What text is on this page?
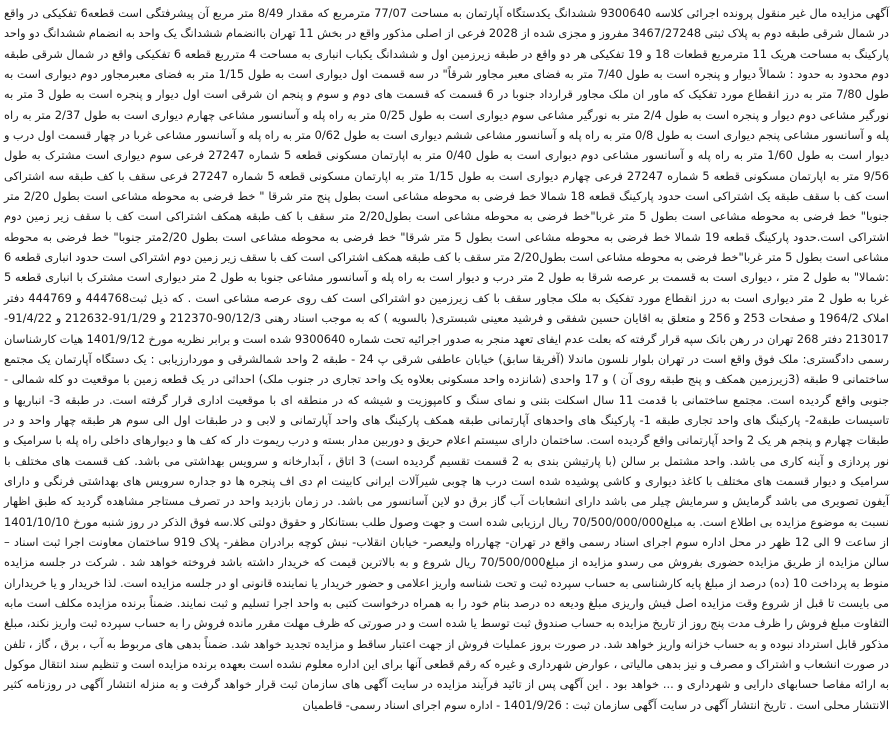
آگهی مزایده مال غیر منقول پرونده اجرائی کلاسه 9300640 ششدانگ یکدستگاه آپارتمان به مساحت 77/07 مترمربع که مقدار 8/49 متر مربع آن پیشرفتگی است قطعه6 تفکیکی در واقع در شمال شرقی طبقه دوم به پلاک ثبتی 3467/27248 مفروز و مجزی شده از 2028 فرعی از اصلی مذکور واقع در بخش 11 تهران باانضمام ششدانگ یک واحد به انضمام ششدانگ دو واحد پارکینگ به مساحت هریک 11 مترمربع قطعات 18 و 19 تفکیکی هر دو واقع در طبقه زیرزمین اول و ششدانگ یکباب انباری به مساحت 4 مترربع قطعه 6 تفکیکی واقع در شمال شرقی طبقه دوم محدود به حدود : شمالاً دیوار و پنجره است به طول 7/40 متر به فضای معبر مجاور شرقاً" در سه قسمت اول دیواری است به طول 1/15 متر به فضای معبرمجاور دوم دیواری است به طول 7/80 متر به درز انقطاع مورد تفکیک که ماور ان ملک مجاور قرارداد جنوبا در 6 قسمت که قسمت های دوم و سوم و پنجم ان شرقی است اول دیوار و پنجره است به طول 3 متر به نورگیر مشاعی دوم دیوار و پنجره است به طول 2/4 متر به نورگیر مشاعی سوم دیواری است به طول 0/25 متر به راه پله و آسانسور مشاعی چهارم دیواری است به طول 2/37 متر به راه پله و آسانسور مشاعی پنجم دیواری است به طول 0/8 متر به راه پله و آسانسور مشاعی ششم دیواری است به طول 0/62 متر به راه پله و آسانسور مشاعی غربا در چهار قسمت اول درب و دیوار است به طول 1/60 متر به راه پله و آسانسور مشاعی دوم دیواری است به طول 0/40 متر به اپارتمان مسکونی قطعه 5 شماره 27247 فرعی سوم دیواری است مشترک به طول 9/56 متر به اپارتمان مسکونی قطعه 5 شماره 27247 فرعی چهارم دیواری است به طول 1/15 متر به اپارتمان مسکونی قطعه 5 شماره 27247 فرعی سقف با کف طبقه سه اشتراکی است کف با سقف طبقه یک اشتراکی است حدود پارکینگ قطعه 18 شمالا خط فرضی به محوطه مشاعی است بطول پنج متر شرقا " خط فرضی به محوطه مشاعی است بطول 2/20 متر جنوبا" خط فرضی به محوطه مشاعی است بطول 5 متر غربا"خط فرضی به محوطه مشاعی است بطول2/20 متر سقف با کف طبقه همکف اشتراکی است کف با سقف زیر زمین دوم اشتراکی است.حدود پارکینگ قطعه 19 شمالا خط فرضی به محوطه مشاعی است بطول 5 متر شرقا" خط فرضی به محوطه مشاعی است بطول 2/20متر جنوبا" خط فرضی به محوطه مشاعی است بطول 5 متر غربا"خط فرضی به محوطه مشاعی است بطول2/20 متر سقف با کف طبقه همکف اشتراکی است کف با سقف زیر زمین دوم اشتراکی است حدود انباری قطعه 6 :شمالا" به طول 2 متر ، دیواری است به قسمت بر عرصه شرقا به طول 2 متر درب و دیوار است به راه پله و آسانسور مشاعی جنوبا به طول 2 متر دیواری است مشترک با انباری قطعه 5 غربا به طول 2 متر دیواری است به درز انقطاع مورد تفکیک به ملک مجاور سقف با کف زیرزمین دو اشتراکی است کف روی عرصه مشاعی است . که ذیل ثبت444768 و 444769 دفتر املاک 1964/2 و صفحات 253 و 256 و متعلق به اقایان حسین شفقی و فرشید معینی شبستری( بالسویه ) که به موجب اسناد رهنی 90/12/3-212370 و 91/1/29-212632 و 91/4/22-213017 دفتر 268 تهران در رهن بانک سپه قرار گرفته که بعلت عدم ایفای تعهد منجر به صدور اجرائیه تحت شماره 9300640 شده است و برابر نظریه مورخ 1401/9/12 هیات کارشناسان رسمی دادگستری: ملک فوق واقع است در تهران بلوار نلسون ماندلا (آفریقا سابق) خیابان عاطفی شرقی پ 24 - طبقه 2 واحد شمالشرقی و موردارزیابی : یک دستگاه آپارتمان یک مجتمع ساختمانی 9 طبقه (3زیرزمین همکف و پنج طبقه روی آن ) و 17 واحدی (شانزده واحد مسکونی بعلاوه یک واحد تجاری در جنوب ملک) احداثی در یک قطعه زمین با موقعیت دو کله شمالی - جنوبی واقع گردیده است. مجتمع ساختمانی با قدمت 11 سال اسکلت بتنی و نمای سنگ و کامپوزیت و شیشه که در منطقه ای با موقعیت اداری قرار گرفته است. در طبقه 3- انباریها و تاسیسات طبقه2- پارکینگ های واحد تجاری طبقه 1- پارکینگ های واحدهای آپارتمانی طبقه همکف پارکینگ های واحد آپارتمانی و لابی و در طبقات اول الی سوم هر طبقه چهار واحد و در طبقات چهارم و پنجم هر یک 2 واحد آپارتمانی واقع گردیده است. ساختمان دارای سیستم اعلام حریق و دوربین مدار بسته و درب ریموت دار که کف ها و دیوارهای داخلی راه پله با سرامیک و نور پردازی و آینه کاری می باشد. واحد مشتمل بر سالن (با پارتیشن بندی به 2 قسمت تقسیم گردیده است) 3 اتاق ، آبدارخانه و سرویس بهداشتی می باشد. کف قسمت های مختلف با سرامیک و دیوار قسمت های مختلف با کاغذ دیواری و کاشی پوشیده شده است درب ها چوبی شیرآلات ایرانی کابینت ام دی اف پنجره ها دو جداره سرویس های بهداشتی فرنگی و دارای آیفون تصویری می باشد گرمایش و سرمایش چیلر می باشد دارای انشعابات آب گاز برق دو لاین آسانسور می باشد. در زمان بازدید واحد در تصرف مستاجر مشاهده گردید که طبق اظهار نسبت به موضوع مزایده بی اطلاع است. به مبلغ70/500/000/000 ریال ارزیابی شده است و جهت وصول طلب بستانکار و حقوق دولتی کلا.سه فوق الذکر در روز شنبه مورخ 1401/10/10 از ساعت 9 الی 12 ظهر در محل اداره سوم اجرای اسناد رسمی واقع در تهران- چهارراه ولیعصر- خیابان انقلاب- نبش کوچه برادران مظفر- پلاک 919 ساختمان معاونت اجرا ثبت اسناد – سالن مزایده از طریق مزایده حضوری بفروش می رسدو مزایده از مبلغ70/500/000 ریال شروع و به بالاترین قیمت که خریدار داشته باشد فروخته خواهد شد . شرکت در جلسه مزایده منوط به پرداخت 10 (ده) درصد از مبلغ پایه کارشناسی به حساب سپرده ثبت و تحت شناسه واریز اعلامی و حضور خریدار یا نماینده قانونی او در جلسه مزایده است. لذا خریدار و یا خریداران می بایست تا قبل از شروع وقت مزایده اصل فیش واریزی مبلغ ودیعه ده درصد بنام خود را به همراه درخواست کتبی به واحد اجرا تسلیم و ثبت نمایند. ضمناً برنده مزایده مکلف است مابه التفاوت مبلغ فروش را ظرف مدت پنج روز از تاریخ مزایده به حساب صندوق ثبت توسط یا شده است و در صورتی که ظرف مهلت مقرر مانده فروش را به حساب سپرده ثبت واریز نکند، مبلغ مذکور قابل استرداد نبوده و به حساب خزانه واریز خواهد شد. در صورت بروز عملیات فروش از جهت اعتبار ساقط و مزایده تجدید خواهد شد. ضمناً بدهی های مربوط به آب ، برق ، گاز ، تلفن در صورت انشعاب و اشتراک و مصرف و نیز بدهی مالیاتی ، عوارض شهرداری و غیره که رقم قطعی آنها برای این اداره معلوم نشده است بعهده برنده مزایده است و تنظیم سند انتقال موکول به ارائه مفاصا حسابهای دارایی و شهرداری و ... خواهد بود . این آگهی پس از تائید فرآیند مزایده در سایت آگهی های سازمان ثبت قرار خواهد گرفت و به منزله انتشار آگهی در روزنامه کثیر الانتشار محلی است . تاریخ انتشار آگهی در سایت آگهی سازمان ثبت : 1401/9/26 - اداره سوم اجرای اسناد رسمی- قاطمیان
